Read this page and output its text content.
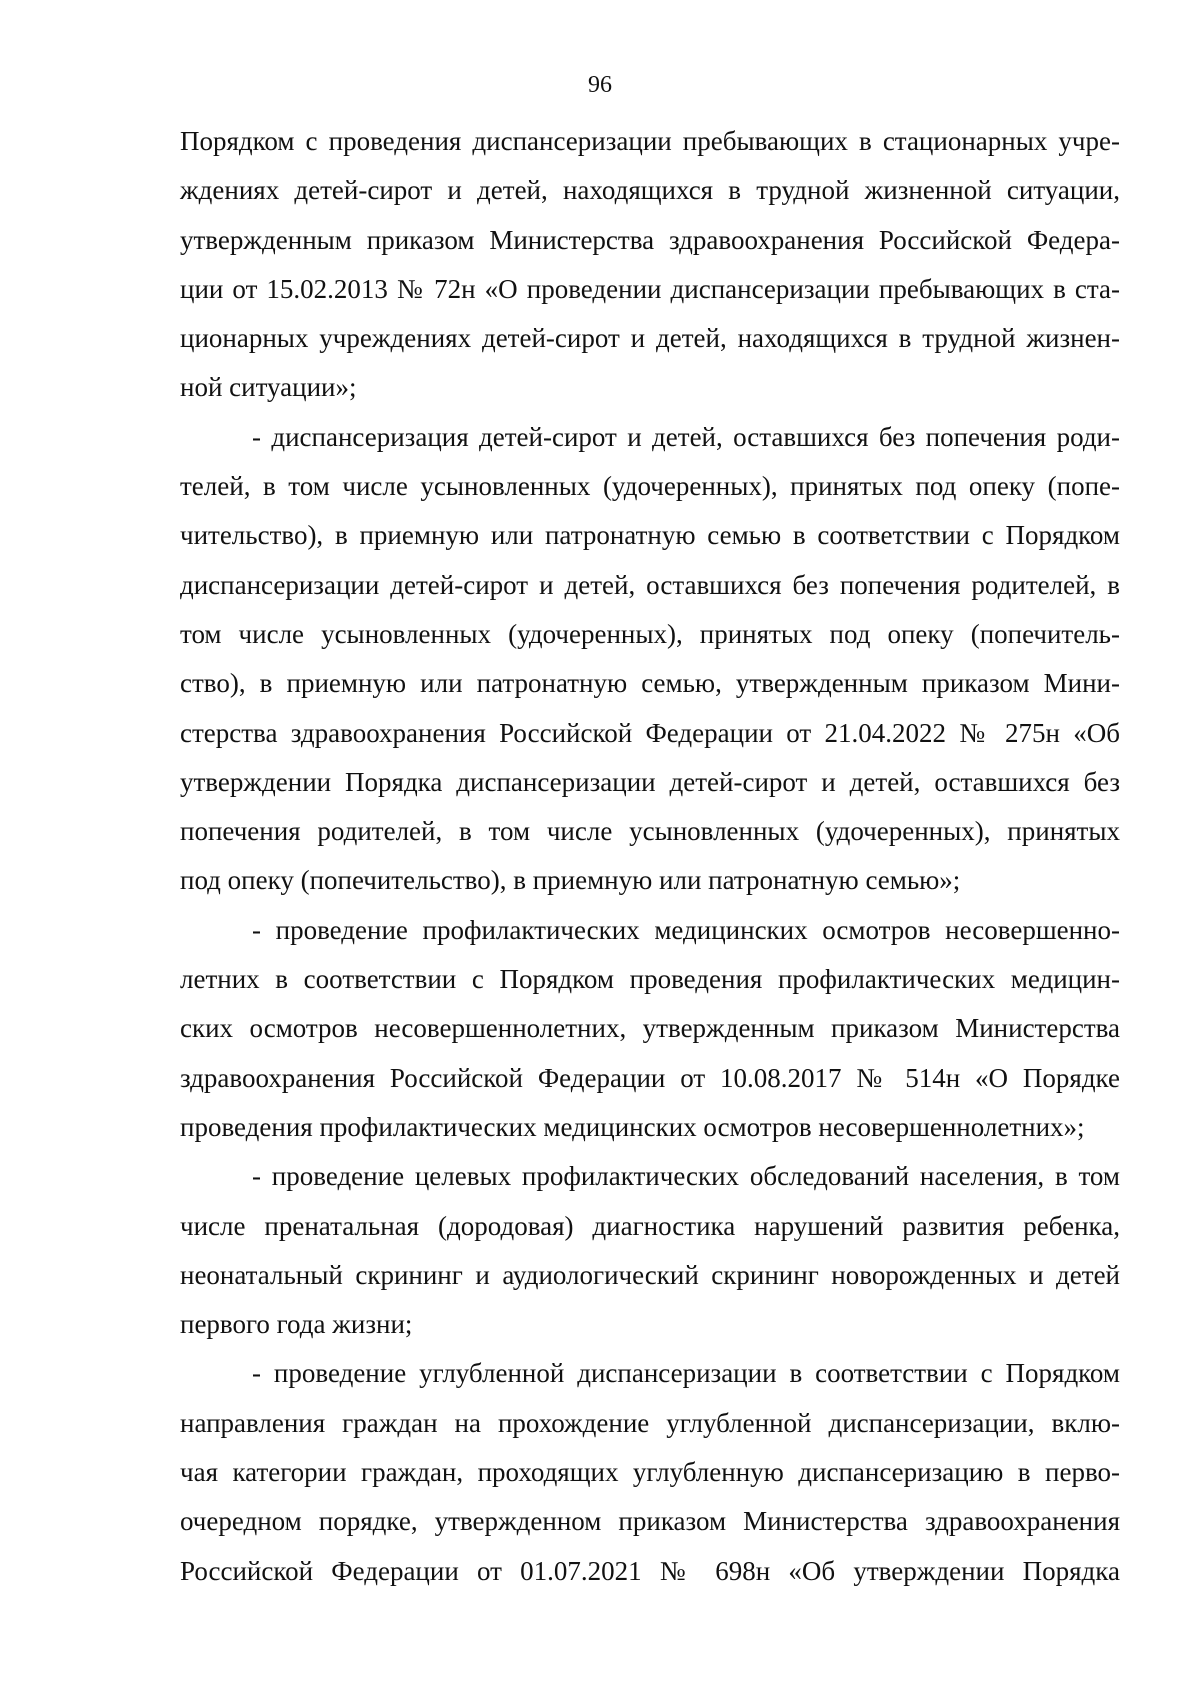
96
Порядком с проведения диспансеризации пребывающих в стационарных учре-
ждениях детей-сирот и детей, находящихся в трудной жизненной ситуации,
утвержденным приказом Министерства здравоохранения Российской Федера-
ции от 15.02.2013 № 72н «О проведении диспансеризации пребывающих в ста-
ционарных учреждениях детей-сирот и детей, находящихся в трудной жизнен-
ной ситуации»;
- диспансеризация детей-сирот и детей, оставшихся без попечения роди-
телей, в том числе усыновленных (удочеренных), принятых под опеку (попе-
чительство), в приемную или патронатную семью в соответствии с Порядком
диспансеризации детей-сирот и детей, оставшихся без попечения родителей, в
том числе усыновленных (удочеренных), принятых под опеку (попечитель-
ство), в приемную или патронатную семью, утвержденным приказом Мини-
стерства здравоохранения Российской Федерации от 21.04.2022 № 275н «Об
утверждении Порядка диспансеризации детей-сирот и детей, оставшихся без
попечения родителей, в том числе усыновленных (удочеренных), принятых
под опеку (попечительство), в приемную или патронатную семью»;
- проведение профилактических медицинских осмотров несовершенно-
летних в соответствии с Порядком проведения профилактических медицин-
ских осмотров несовершеннолетних, утвержденным приказом Министерства
здравоохранения Российской Федерации от 10.08.2017 № 514н «О Порядке
проведения профилактических медицинских осмотров несовершеннолетних»;
- проведение целевых профилактических обследований населения, в том
числе пренатальная (дородовая) диагностика нарушений развития ребенка,
неонатальный скрининг и аудиологический скрининг новорожденных и детей
первого года жизни;
- проведение углубленной диспансеризации в соответствии с Порядком
направления граждан на прохождение углубленной диспансеризации, вклю-
чая категории граждан, проходящих углубленную диспансеризацию в перво-
очередном порядке, утвержденном приказом Министерства здравоохранения
Российской Федерации от 01.07.2021 № 698н «Об утверждении Порядка
